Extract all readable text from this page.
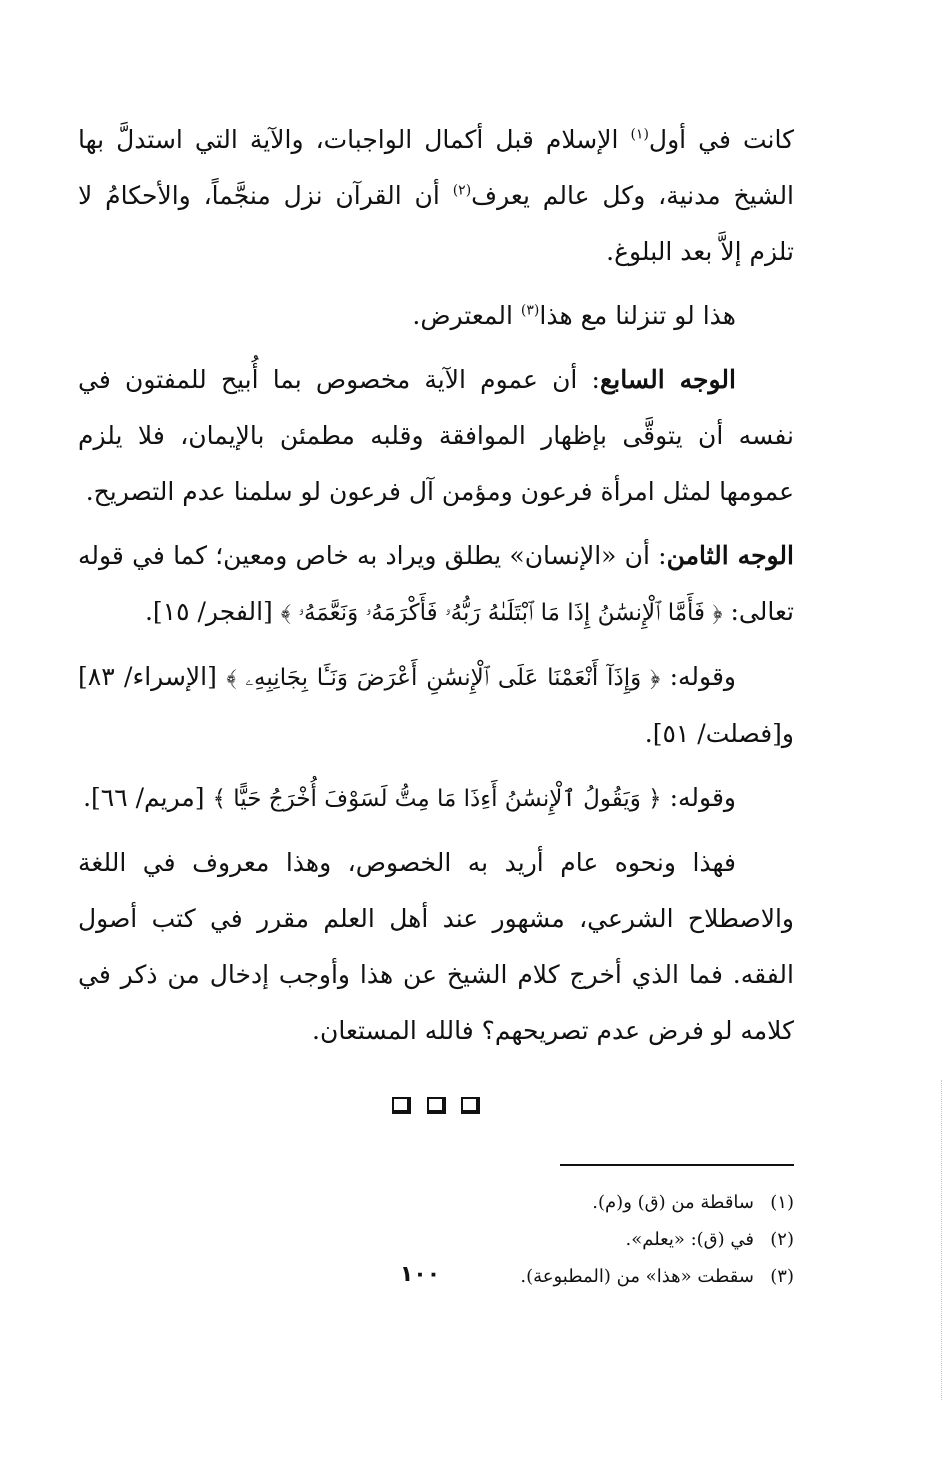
كانت في أول$^{(١)}$ الإسلام قبل أكمال الواجبات، والآية التي استدلَّ بها الشيخ مدنية، وكل عالم يعرف$^{(٢)}$ أن القرآن نزل منجَّماً، والأحكامُ لا تلزم إلاَّ بعد البلوغ.

هذا لو تنزلنا مع هذا$^{(٣)}$ المعترض.

الوجه السابع: أن عموم الآية مخصوص بما أُبيح للمفتون في نفسه أن يتوقَّى بإظهار الموافقة وقلبه مطمئن بالإيمان، فلا يلزم عمومها لمثل امرأة فرعون ومؤمن آل فرعون لو سلمنا عدم التصريح.

الوجه الثامن: أن «الإنسان» يطلق ويراد به خاص ومعين؛ كما في قوله تعالى: ﴿ فَأَمَّا ٱلْإِنسَٰنُ إِذَا مَا ٱبْتَلَىٰهُ رَبُّهُۥ فَأَكْرَمَهُۥ وَنَعَّمَهُۥ ﴾ [الفجر/ ١٥].

وقوله: ﴿ وَإِذَآ أَنْعَمْنَا عَلَى ٱلْإِنسَٰنِ أَعْرَضَ وَنَـَٔا بِجَانِبِهِۦ ﴾ [الإسراء/ ٨٣] و[فصلت/ ٥١].

وقوله: ﴿ وَيَقُولُ ٱلْإِنسَٰنُ أَءِذَا مَا مِتُّ لَسَوْفَ أُخْرَجُ حَيًّا ﴾ [مريم/ ٦٦].

فهذا ونحوه عام أريد به الخصوص، وهذا معروف في اللغة والاصطلاح الشرعي، مشهور عند أهل العلم مقرر في كتب أصول الفقه. فما الذي أخرج كلام الشيخ عن هذا وأوجب إدخال من ذكر في كلامه لو فرض عدم تصريحهم؟ فالله المستعان.

(١)ساقطة من (ق) و(م).
(٢)في (ق): «يعلم».
(٣)سقطت «هذا» من (المطبوعة).
١٠٠
